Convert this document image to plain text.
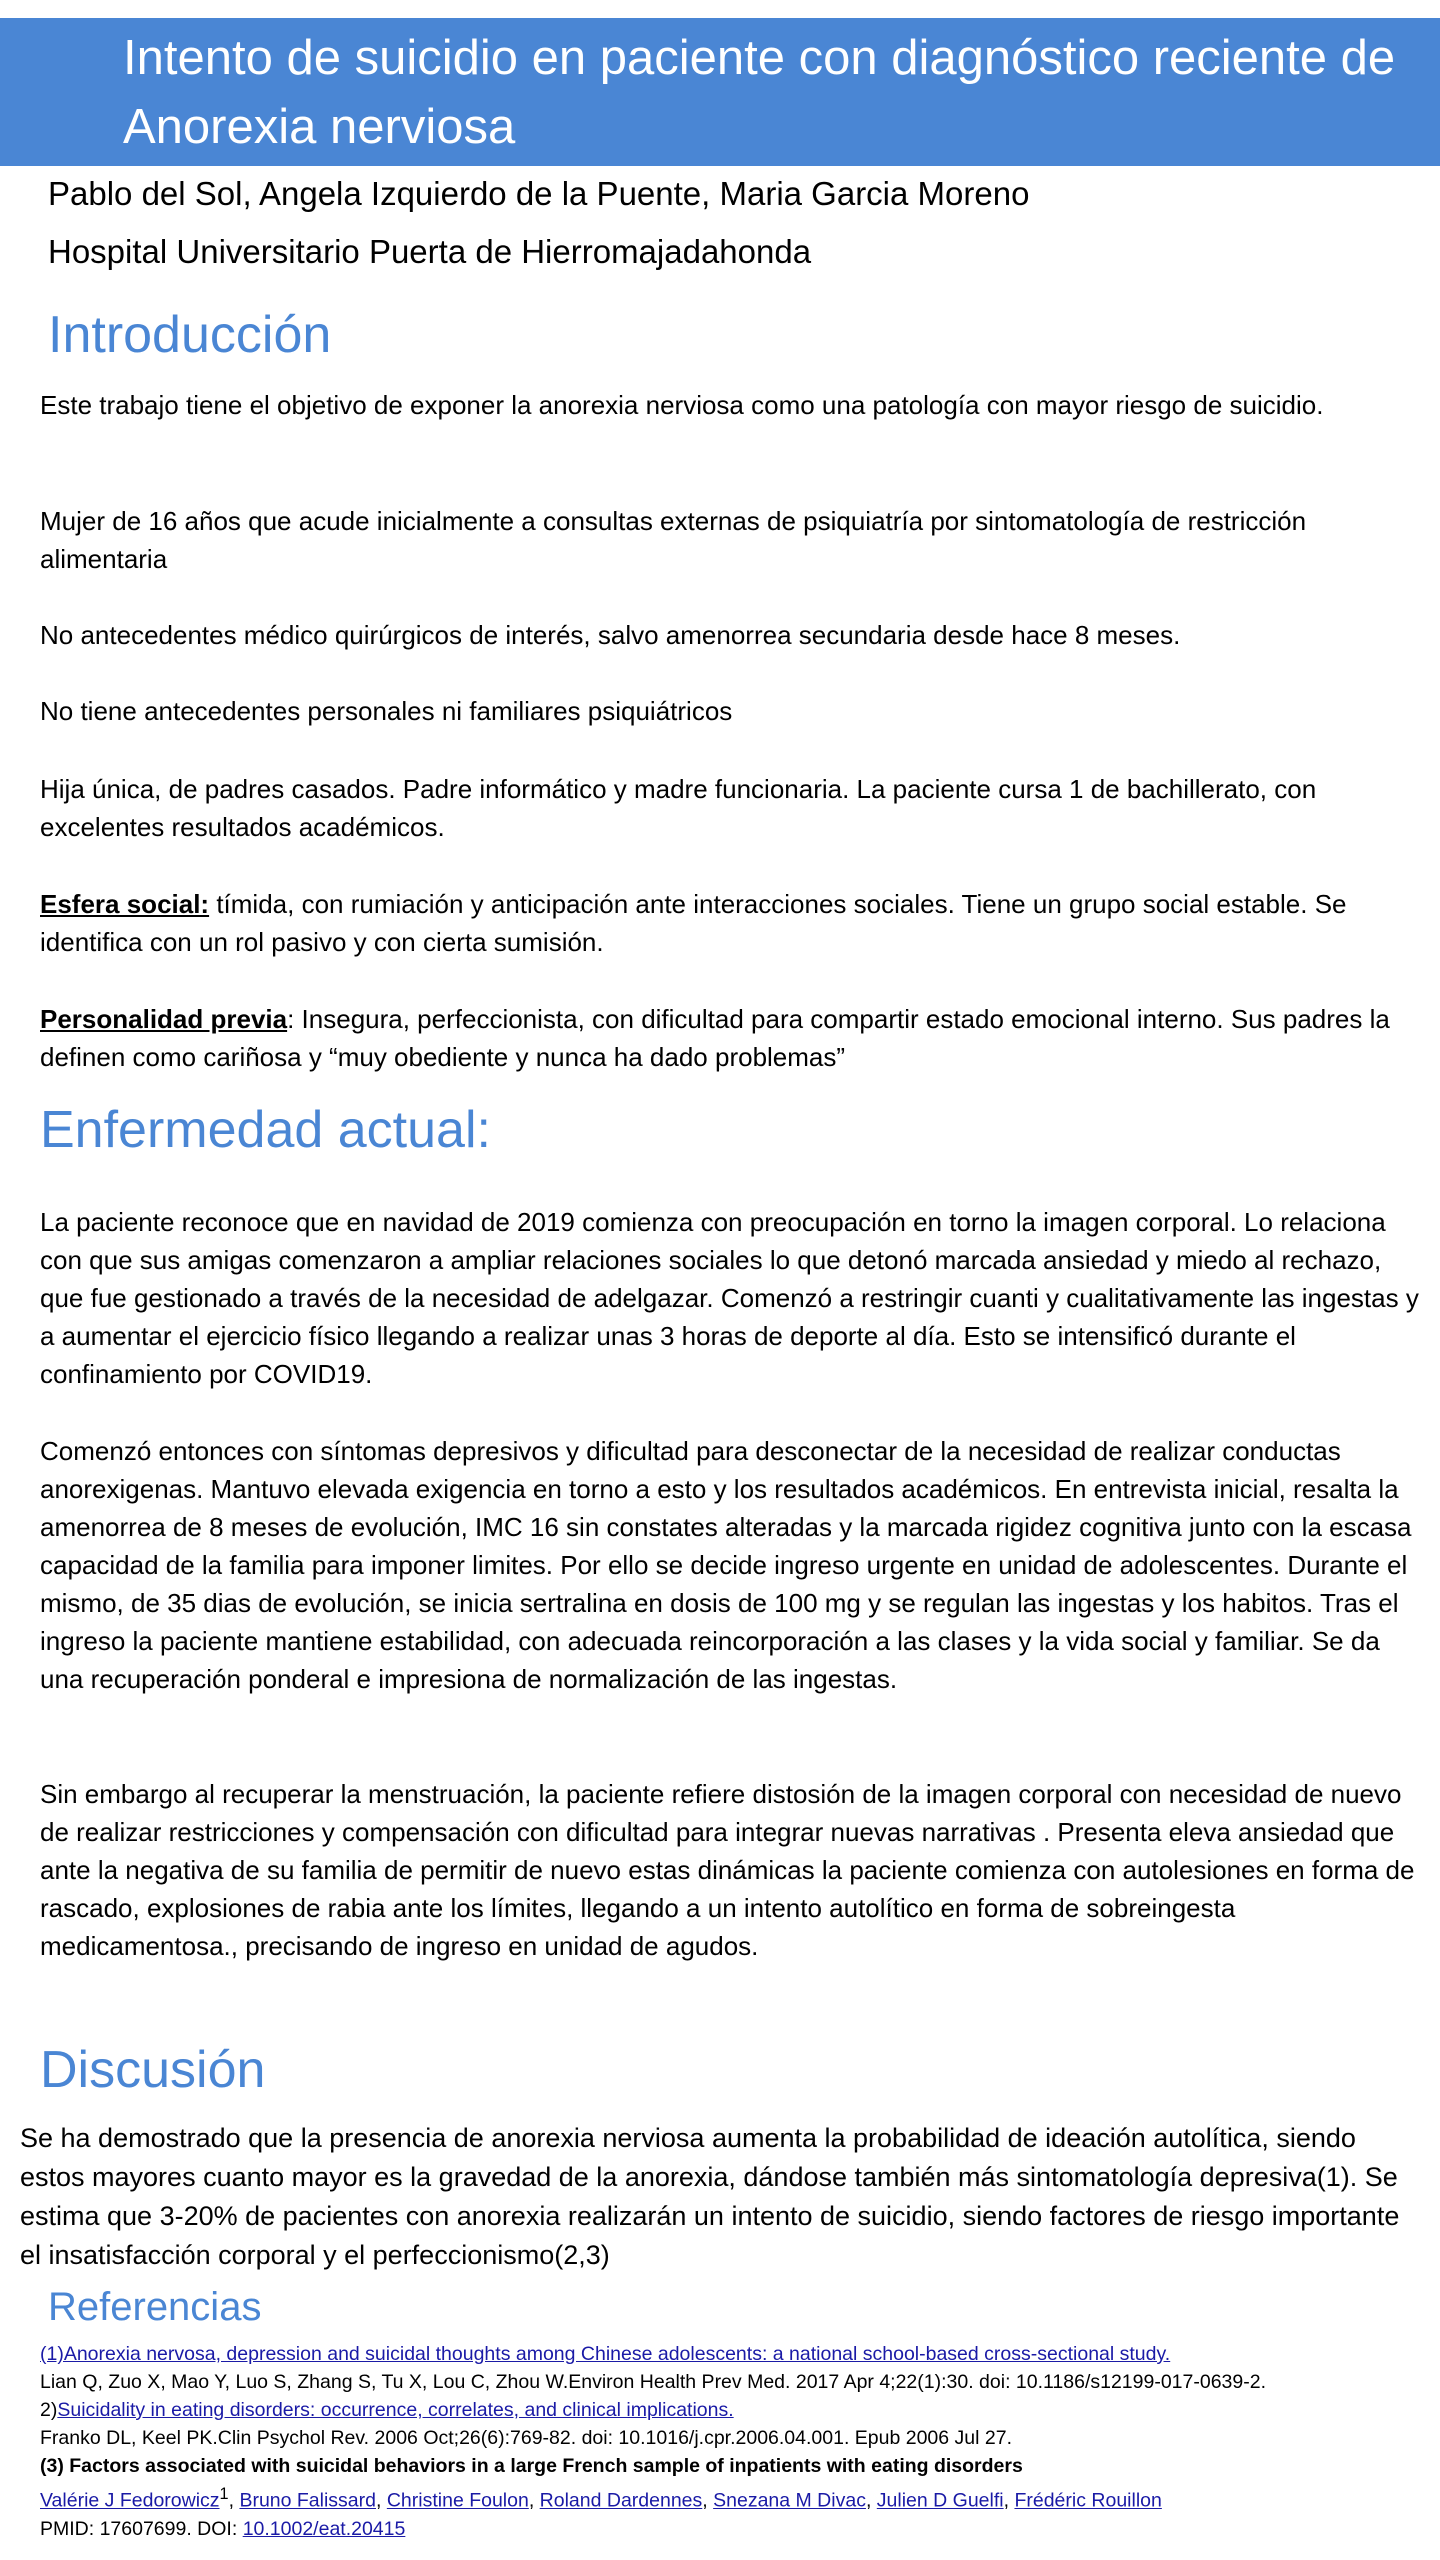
Intento de suicidio en paciente con diagnóstico reciente de Anorexia nerviosa

Pablo del Sol, Angela Izquierdo de la Puente, Maria Garcia Moreno

Hospital Universitario Puerta de Hierromajadahonda

Introducción

Este trabajo tiene el objetivo de exponer la anorexia nerviosa como una patología con mayor riesgo de suicidio.

Mujer de 16 años que acude inicialmente a consultas externas de psiquiatría por sintomatología de restricción alimentaria

No antecedentes médico quirúrgicos de interés, salvo amenorrea secundaria desde hace 8 meses.

No tiene antecedentes personales ni familiares psiquiátricos

Hija única, de padres casados. Padre informático y madre funcionaria. La paciente cursa 1 de bachillerato, con excelentes resultados académicos.

Esfera social: tímida, con rumiación y anticipación ante interacciones sociales. Tiene un grupo social estable. Se identifica con un rol pasivo y con cierta sumisión.

Personalidad previa: Insegura, perfeccionista, con dificultad para compartir estado emocional interno. Sus padres la definen como cariñosa y “muy obediente y nunca ha dado problemas”

Enfermedad actual:

La paciente reconoce que en navidad de 2019 comienza con preocupación en torno la imagen corporal. Lo relaciona con que sus amigas comenzaron a ampliar relaciones sociales lo que detonó marcada ansiedad y miedo al rechazo, que fue gestionado a través de la necesidad de adelgazar. Comenzó a restringir cuanti y cualitativamente las ingestas y a aumentar el ejercicio físico llegando a realizar unas 3 horas de deporte al día. Esto se intensificó durante el confinamiento por COVID19.

Comenzó entonces con síntomas depresivos y dificultad para desconectar de la necesidad de realizar conductas anorexigenas. Mantuvo elevada exigencia en torno a esto y los resultados académicos. En entrevista inicial, resalta la amenorrea de 8 meses de evolución, IMC 16 sin constates alteradas y la marcada rigidez cognitiva junto con la escasa capacidad de la familia para imponer limites. Por ello se decide ingreso urgente en unidad de adolescentes. Durante el mismo, de 35 dias de evolución, se inicia sertralina en dosis de 100 mg y se regulan las ingestas y los habitos. Tras el ingreso la paciente mantiene estabilidad, con adecuada reincorporación a las clases y la vida social y familiar. Se da una recuperación ponderal e impresiona de normalización de las ingestas.

Sin embargo al recuperar la menstruación, la paciente refiere distosión de la imagen corporal con necesidad de nuevo de realizar restricciones y compensación con dificultad para integrar nuevas narrativas . Presenta eleva ansiedad que ante la negativa de su familia de permitir de nuevo estas dinámicas la paciente comienza con autolesiones en forma de rascado, explosiones de rabia ante los límites, llegando a un intento autolítico en forma de sobreingesta medicamentosa., precisando de ingreso en unidad de agudos.

Discusión

Se ha demostrado que la presencia de anorexia nerviosa aumenta la probabilidad de ideación autolítica, siendo estos mayores cuanto mayor es la gravedad de la anorexia, dándose también más sintomatología depresiva(1). Se estima que 3-20% de pacientes con anorexia realizarán un intento de suicidio, siendo factores de riesgo importante el insatisfacción corporal y el perfeccionismo(2,3)

Referencias

(1)Anorexia nervosa, depression and suicidal thoughts among Chinese adolescents: a national school-based cross-sectional study.

Lian Q, Zuo X, Mao Y, Luo S, Zhang S, Tu X, Lou C, Zhou W.Environ Health Prev Med. 2017 Apr 4;22(1):30. doi: 10.1186/s12199-017-0639-2.

2)Suicidality in eating disorders: occurrence, correlates, and clinical implications.

Franko DL, Keel PK.Clin Psychol Rev. 2006 Oct;26(6):769-82. doi: 10.1016/j.cpr.2006.04.001. Epub 2006 Jul 27.

(3) Factors associated with suicidal behaviors in a large French sample of inpatients with eating disorders

Valérie J Fedorowicz$^1$, Bruno Falissard, Christine Foulon, Roland Dardennes, Snezana M Divac, Julien D Guelfi, Frédéric Rouillon

PMID: 17607699. DOI: 10.1002/eat.20415
